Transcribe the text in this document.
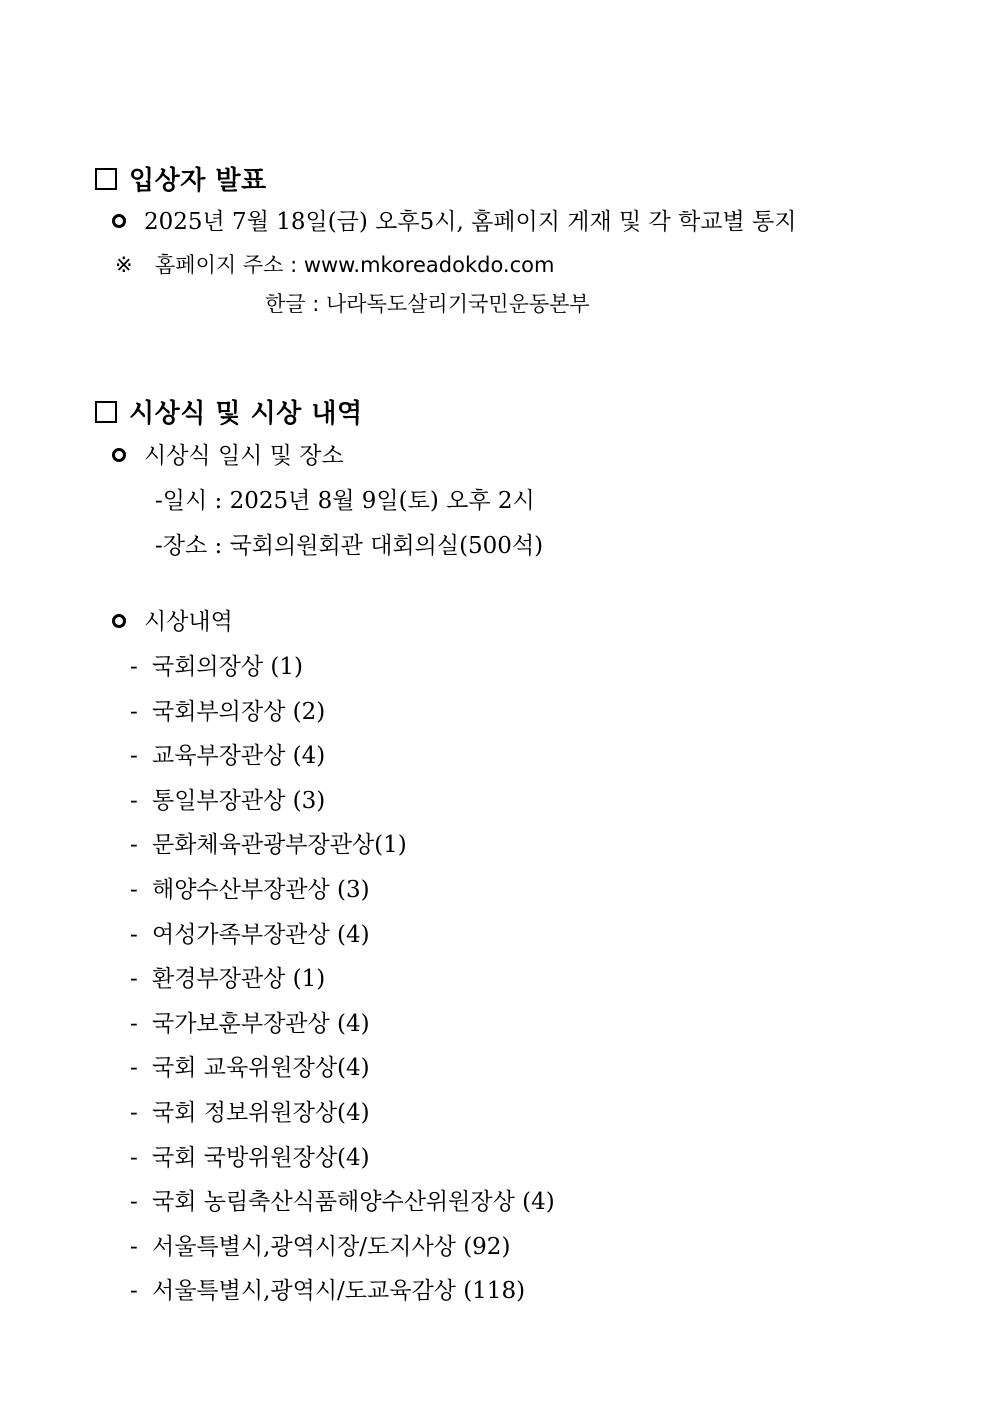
입상자 발표
2025년 7월 18일(금) 오후5시, 홈페이지 게재 및 각 학교별 통지
※ 홈페이지 주소 : www.mkoreadokdo.com
한글 : 나라독도살리기국민운동본부
시상식 및 시상 내역
시상식 일시 및 장소
-일시 : 2025년 8월 9일(토) 오후 2시
-장소 : 국회의원회관 대회의실(500석)
시상내역
- 국회의장상 (1)
- 국회부의장상 (2)
- 교육부장관상 (4)
- 통일부장관상 (3)
- 문화체육관광부장관상(1)
- 해양수산부장관상 (3)
- 여성가족부장관상 (4)
- 환경부장관상 (1)
- 국가보훈부장관상 (4)
- 국회 교육위원장상(4)
- 국회 정보위원장상(4)
- 국회 국방위원장상(4)
- 국회 농림축산식품해양수산위원장상 (4)
- 서울특별시,광역시장/도지사상 (92)
- 서울특별시,광역시/도교육감상 (118)
